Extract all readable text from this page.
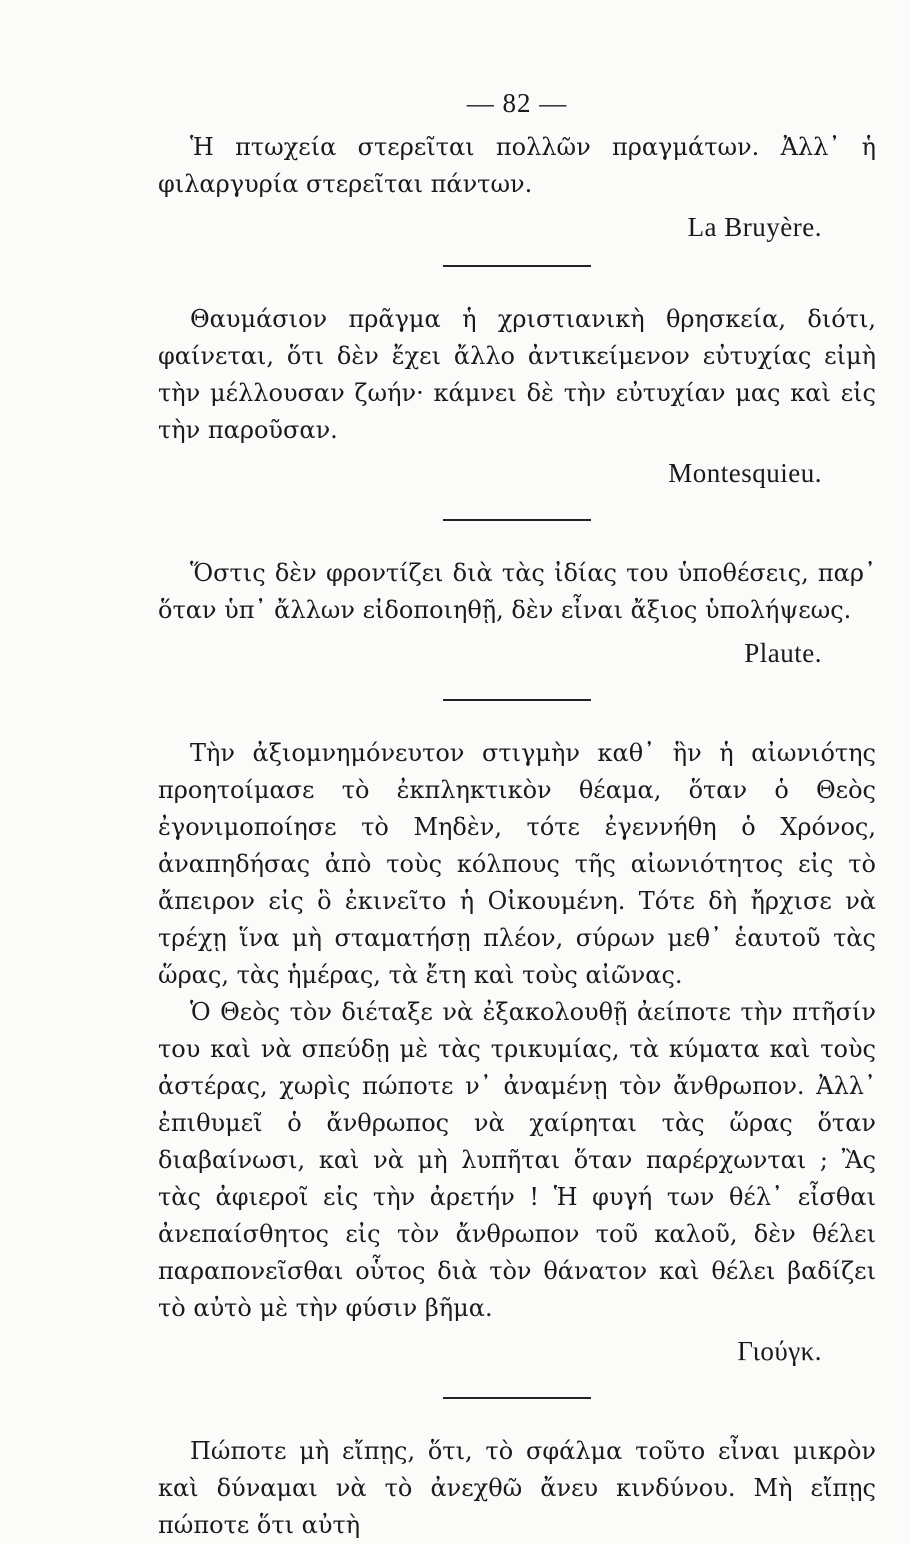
— 82 —

Ἡ πτωχεία στερεῖται πολλῶν πραγμάτων. Ἀλλ᾽ ἡ φιλαργυρία στερεῖται πάντων.

La Bruyère.

Θαυμάσιον πρᾶγμα ἡ χριστιανικὴ θρησκεία, διότι, φαίνεται, ὅτι δὲν ἔχει ἄλλο ἀντικείμενον εὐτυχίας εἰμὴ τὴν μέλλουσαν ζωήν· κάμνει δὲ τὴν εὐτυχίαν μας καὶ εἰς τὴν παροῦσαν.

Montesquieu.

Ὅστις δὲν φροντίζει διὰ τὰς ἰδίας του ὑποθέσεις, παρ᾽ ὅταν ὑπ᾽ ἄλλων εἰδοποιηθῇ, δὲν εἶναι ἄξιος ὑπολήψεως.

Plaute.

Τὴν ἀξιομνημόνευτον στιγμὴν καθ᾽ ἣν ἡ αἰωνιότης προητοίμασε τὸ ἐκπληκτικὸν θέαμα, ὅταν ὁ Θεὸς ἐγονιμοποίησε τὸ Μηδὲν, τότε ἐγεννήθη ὁ Χρόνος, ἀναπηδήσας ἀπὸ τοὺς κόλπους τῆς αἰωνιότητος εἰς τὸ ἄπειρον εἰς ὃ ἐκινεῖτο ἡ Οἰκουμένη. Τότε δὴ ἤρχισε νὰ τρέχῃ ἵνα μὴ σταματήσῃ πλέον, σύρων μεθ᾽ ἑαυτοῦ τὰς ὥρας, τὰς ἡμέρας, τὰ ἔτη καὶ τοὺς αἰῶνας.

Ὁ Θεὸς τὸν διέταξε νὰ ἐξακολουθῇ ἀείποτε τὴν πτῆσίν του καὶ νὰ σπεύδῃ μὲ τὰς τρικυμίας, τὰ κύματα καὶ τοὺς ἀστέρας, χωρὶς πώποτε ν᾽ ἀναμένῃ τὸν ἄνθρωπον. Ἀλλ᾽ ἐπιθυμεῖ ὁ ἄνθρωπος νὰ χαίρηται τὰς ὥρας ὅταν διαβαίνωσι, καὶ νὰ μὴ λυπῆται ὅταν παρέρχωνται ; Ἂς τὰς ἀφιεροῖ εἰς τὴν ἀρετήν ! Ἡ φυγή των θέλ᾽ εἶσθαι ἀνεπαίσθητος εἰς τὸν ἄνθρωπον τοῦ καλοῦ, δὲν θέλει παραπονεῖσθαι οὗτος διὰ τὸν θάνατον καὶ θέλει βαδίζει τὸ αὐτὸ μὲ τὴν φύσιν βῆμα.

Γιούγκ.

Πώποτε μὴ εἴπῃς, ὅτι, τὸ σφάλμα τοῦτο εἶναι μικρὸν καὶ δύναμαι νὰ τὸ ἀνεχθῶ ἄνευ κινδύνου. Μὴ εἴπῃς πώποτε ὅτι αὐτὴ
